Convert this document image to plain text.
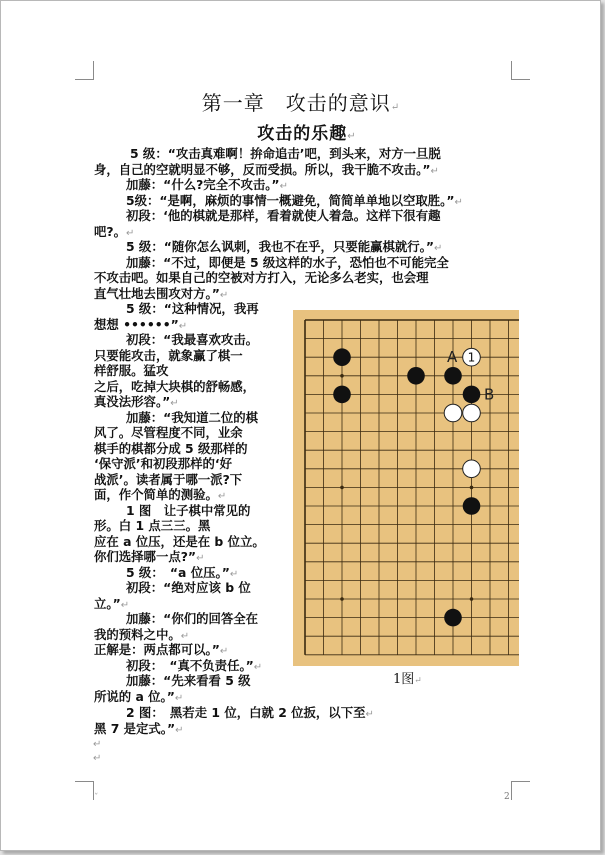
第一章　攻击的意识↵
攻击的乐趣↵
5 级：“攻击真难啊！拚命追击’吧，到头来，对方一旦脱
身，自己的空就明显不够，反而受损。所以，我干脆不攻击。”↵
加藤：“什么?完全不攻击。”↵
5级：“是啊，麻烦的事情一概避免，简简单单地以空取胜。”↵
初段：‘他的棋就是那样，看着就使人着急。这样下很有趣
吧?。↵
5 级：“随你怎么讽刺，我也不在乎，只要能赢棋就行。”↵
加藤：“不过，即便是 5 级这样的水子，恐怕也不可能完全
不攻击吧。如果自己的空被对方打入，无论多么老实，也会理
直气壮地去围攻对方。”↵
5 级：“这种情况，我再
想想 ••••••”↵
初段：“我最喜欢攻击。
只要能攻击，就象赢了棋一
样舒服。猛攻
之后，吃掉大块棋的舒畅感，
真没法形容。”↵
加藤：“我知道二位的棋
风了。尽管程度不同，业余
棋手的棋都分成 5 级那样的
‘保守派’和初段那样的‘好
战派’。读者属于哪一派?下
面，作个简单的测验。↵
1 图　让子棋中常见的
形。白 1 点三三。黑
应在 a 位压，还是在 b 位立。
你们选择哪一点?”↵
5 级：　“a 位压。”↵
初段：“绝对应该 b 位
立。”↵
加藤：“你们的回答全在
我的预料之中。↵
正解是：两点都可以。”↵
初段：　“真不负责任。”↵
加藤：“先来看看 5 级
所说的 a 位。”↵
2 图：　黑若走 1 位，白就 2 位扳，以下至↵
黑 7 是定式。”↵
↵
↵
A
B
1
1图↵
ˇ	2
